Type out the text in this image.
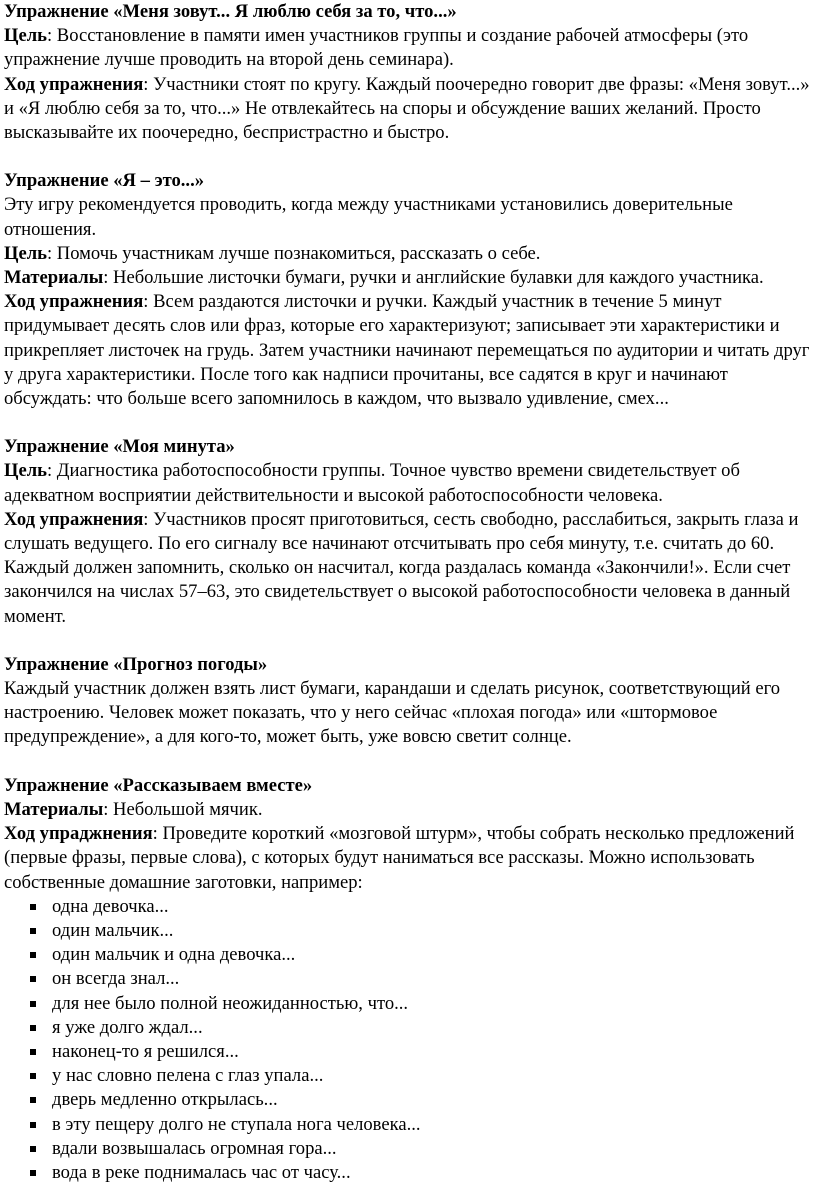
Упражнение «Меня зовут... Я люблю себя за то, что...»

Цель: Восстановление в памяти имен участников группы и создание рабочей атмосферы (это упражнение лучше проводить на второй день семинара).

Ход упражнения: Участники стоят по кругу. Каждый поочередно говорит две фразы: «Меня зовут...» и «Я люблю себя за то, что...» Не отвлекайтесь на споры и обсуждение ваших желаний. Просто высказывайте их поочередно, беспристрастно и быстро.

Упражнение «Я – это...»

Эту игру рекомендуется проводить, когда между участниками установились доверительные отношения.

Цель: Помочь участникам лучше познакомиться, рассказать о себе.

Материалы: Небольшие листочки бумаги, ручки и английские булавки для каждого участника.

Ход упражнения: Всем раздаются листочки и ручки. Каждый участник в течение 5 минут придумывает десять слов или фраз, которые его характеризуют; записывает эти характеристики и прикрепляет листочек на грудь. Затем участники начинают перемещаться по аудитории и читать друг у друга характеристики. После того как надписи прочитаны, все садятся в круг и начинают обсуждать: что больше всего запомнилось в каждом, что вызвало удивление, смех...

Упражнение «Моя минута»

Цель: Диагностика работоспособности группы. Точное чувство времени свидетельствует об адекватном восприятии действительности и высокой работоспособности человека.

Ход упражнения: Участников просят приготовиться, сесть свободно, расслабиться, закрыть глаза и слушать ведущего. По его сигналу все начинают отсчитывать про себя минуту, т.е. считать до 60. Каждый должен запомнить, сколько он насчитал, когда раздалась команда «Закончили!». Если счет закончился на числах 57–63, это свидетельствует о высокой работоспособности человека в данный момент.

Упражнение «Прогноз погоды»

Каждый участник должен взять лист бумаги, карандаши и сделать рисунок, соответствующий его настроению. Человек может показать, что у него сейчас «плохая погода» или «штормовое предупреждение», а для кого-то, может быть, уже вовсю светит солнце.

Упражнение «Рассказываем вместе»

Материалы: Небольшой мячик.

Ход упраджнения: Проведите короткий «мозговой штурм», чтобы собрать несколько предложений (первые фразы, первые слова), с которых будут наниматься все рассказы. Можно использовать собственные домашние заготовки, например:

одна девочка...
один мальчик...
один мальчик и одна девочка...
он всегда знал...
для нее было полной неожиданностью, что...
я уже долго ждал...
наконец-то я решился...
у нас словно пелена с глаз упала...
дверь медленно открылась...
в эту пещеру долго не ступала нога человека...
вдали возвышалась огромная гора...
вода в реке поднималась час от часу...
